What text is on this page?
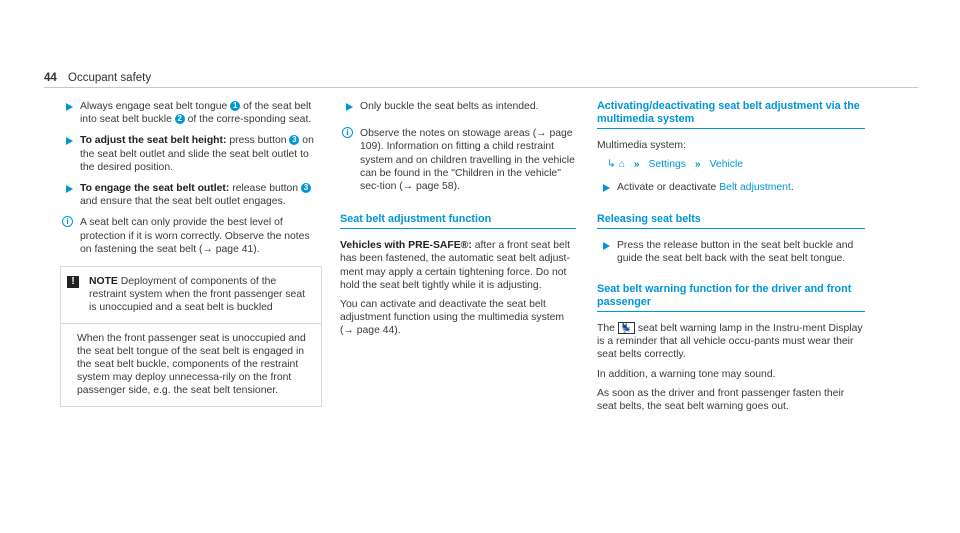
44 Occupant safety
Always engage seat belt tongue 1 of the seat belt into seat belt buckle 2 of the corre-sponding seat.
To adjust the seat belt height: press button 3 on the seat belt outlet and slide the seat belt outlet to the desired position.
To engage the seat belt outlet: release button 3 and ensure that the seat belt outlet engages.
i	A seat belt can only provide the best level of protection if it is worn correctly. Observe the notes on fastening the seat belt (→ page 41).
!	NOTE Deployment of components of the restraint system when the front passenger seat is unoccupied and a seat belt is buckled
When the front passenger seat is unoccupied and the seat belt tongue of the seat belt is engaged in the seat belt buckle, components of the restraint system may deploy unnecessa-rily on the front passenger side, e.g. the seat belt tensioner.
Only buckle the seat belts as intended.
i	Observe the notes on stowage areas (→ page 109). Information on fitting a child restraint system and on children travelling in the vehicle can be found in the "Children in the vehicle" sec-tion (→ page 58).
Seat belt adjustment function

Vehicles with PRE-SAFE®: after a front seat belt has been fastened, the automatic seat belt adjust-ment may apply a certain tightening force. Do not hold the seat belt tightly while it is adjusting.

You can activate and deactivate the seat belt adjustment function using the multimedia system (→ page 44).

Activating/deactivating seat belt adjustment via the multimedia system

Multimedia system:

↳ ⌂ » Settings » Vehicle
Activate or deactivate Belt adjustment.
Releasing seat belts
Press the release button in the seat belt buckle and guide the seat belt back with the seat belt tongue.
Seat belt warning function for the driver and front passenger

The 💺 seat belt warning lamp in the Instru-ment Display is a reminder that all vehicle occu-pants must wear their seat belts correctly.

In addition, a warning tone may sound.

As soon as the driver and front passenger fasten their seat belts, the seat belt warning goes out.
